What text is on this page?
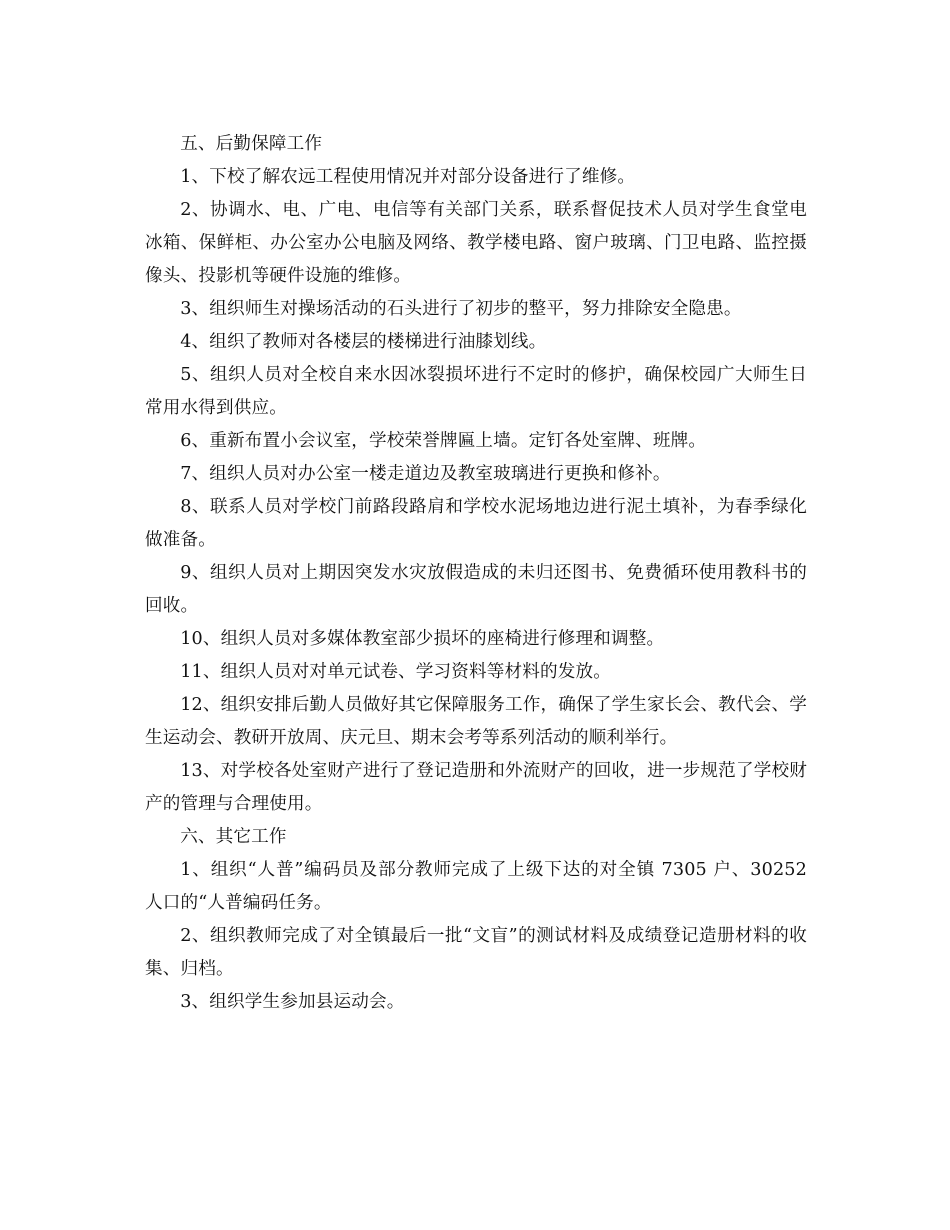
五、后勤保障工作

1、下校了解农远工程使用情况并对部分设备进行了维修。

2、协调水、电、广电、电信等有关部门关系，联系督促技术人员对学生食堂电冰箱、保鲜柜、办公室办公电脑及网络、教学楼电路、窗户玻璃、门卫电路、监控摄像头、投影机等硬件设施的维修。

3、组织师生对操场活动的石头进行了初步的整平，努力排除安全隐患。

4、组织了教师对各楼层的楼梯进行油膝划线。

5、组织人员对全校自来水因冰裂损坏进行不定时的修护，确保校园广大师生日常用水得到供应。

6、重新布置小会议室，学校荣誉牌匾上墙。定钉各处室牌、班牌。

7、组织人员对办公室一楼走道边及教室玻璃进行更换和修补。

8、联系人员对学校门前路段路肩和学校水泥场地边进行泥土填补，为春季绿化做准备。

9、组织人员对上期因突发水灾放假造成的未归还图书、免费循环使用教科书的回收。

10、组织人员对多媒体教室部少损坏的座椅进行修理和调整。

11、组织人员对对单元试卷、学习资料等材料的发放。

12、组织安排后勤人员做好其它保障服务工作，确保了学生家长会、教代会、学生运动会、教研开放周、庆元旦、期末会考等系列活动的顺利举行。

13、对学校各处室财产进行了登记造册和外流财产的回收，进一步规范了学校财产的管理与合理使用。

六、其它工作

1、组织“人普”编码员及部分教师完成了上级下达的对全镇 7305 户、30252 人口的“人普编码任务。

2、组织教师完成了对全镇最后一批“文盲”的测试材料及成绩登记造册材料的收集、归档。

3、组织学生参加县运动会。
